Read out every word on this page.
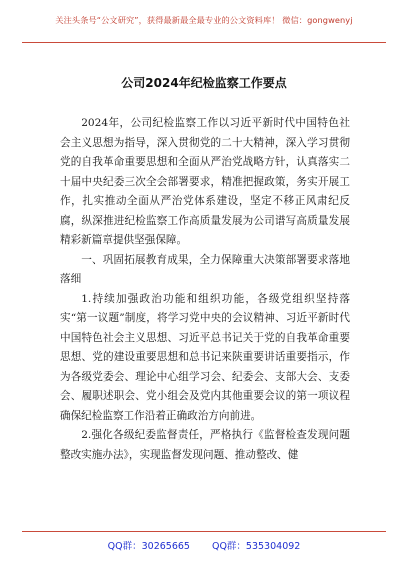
关注头条号“公文研究”，获得最新最全最专业的公文资料库！ 微信：gongwenyj
公司2024年纪检监察工作要点

2024年，公司纪检监察工作以习近平新时代中国特色社会主义思想为指导，深入贯彻党的二十大精神，深入学习贯彻党的自我革命重要思想和全面从严治党战略方针，认真落实二十届中央纪委三次全会部署要求，精准把握政策，务实开展工作，扎实推动全面从严治党体系建设，坚定不移正风肃纪反腐，纵深推进纪检监察工作高质量发展为公司谱写高质量发展精彩新篇章提供坚强保障。

一、巩固拓展教育成果，全力保障重大决策部署要求落地落细

1.持续加强政治功能和组织功能，各级党组织坚持落实“第一议题”制度，将学习党中央的会议精神、习近平新时代中国特色社会主义思想、习近平总书记关于党的自我革命重要思想、党的建设重要思想和总书记来陕重要讲话重要指示，作为各级党委会、理论中心组学习会、纪委会、支部大会、支委会、履职述职会、党小组会及党内其他重要会议的第一项议程确保纪检监察工作沿着正确政治方向前进。

2.强化各级纪委监督责任，严格执行《监督检查发现问题整改实施办法》，实现监督发现问题、推动整改、健

QQ群：30265665 QQ群：535304092
